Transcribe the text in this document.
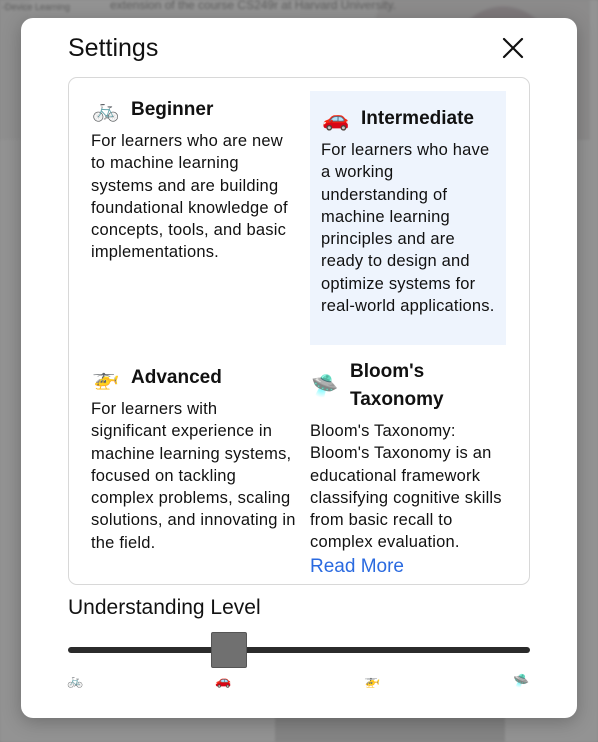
-Device Learning	extension of the course CS249r at Harvard University.
Settings
🚲 Beginner
For learners who are new to machine learning systems and are building foundational knowledge of concepts, tools, and basic implementations.
🚗 Intermediate
For learners who have a working understanding of machine learning principles and are ready to design and optimize systems for real-world applications.
🚁 Advanced
For learners with significant experience in machine learning systems, focused on tackling complex problems, scaling solutions, and innovating in the field.
🛸
Bloom's Taxonomy
Bloom's Taxonomy: Bloom's Taxonomy is an educational framework classifying cognitive skills from basic recall to complex evaluation.
Read More
Understanding Level
🚲	🚗	🚁	🛸
